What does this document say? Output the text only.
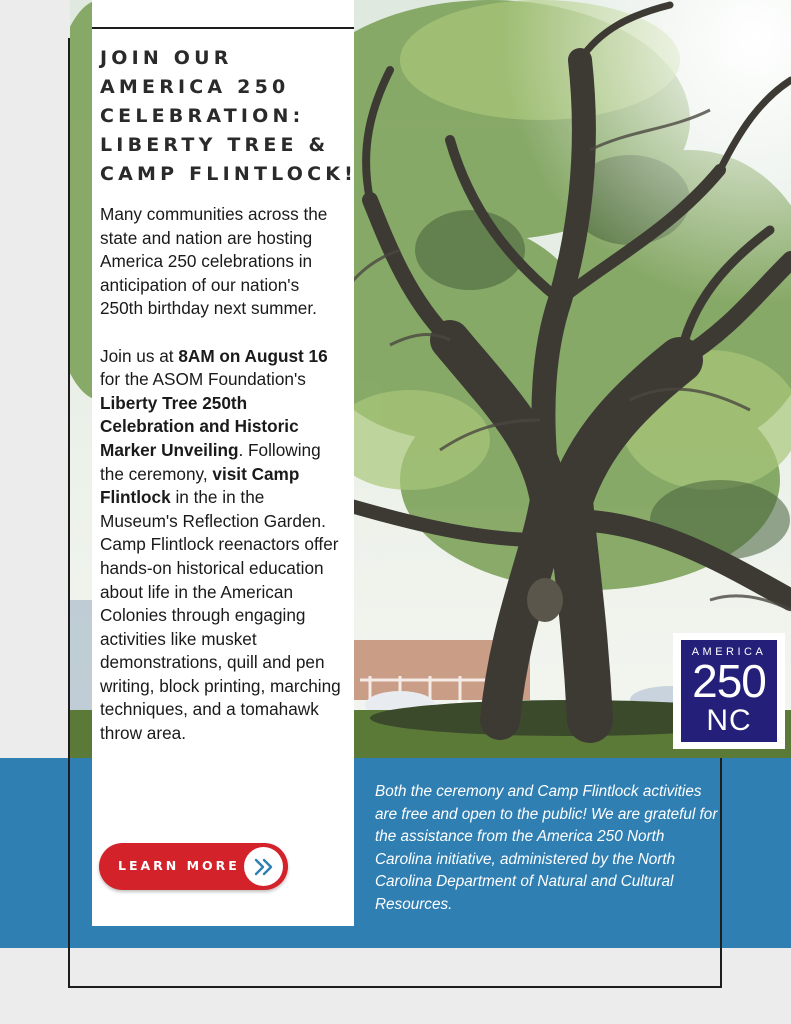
JOIN OUR
AMERICA 250
CELEBRATION:
LIBERTY TREE &
CAMP FLINTLOCK!

Many communities across the state and nation are hosting America 250 celebrations in anticipation of our nation's 250th birthday next summer.

Join us at 8AM on August 16 for the ASOM Foundation's Liberty Tree 250th Celebration and Historic Marker Unveiling. Following the ceremony, visit Camp Flintlock in the in the Museum's Reflection Garden. Camp Flintlock reenactors offer hands-on historical education about life in the American Colonies through engaging activities like musket demonstrations, quill and pen writing, block printing, marching techniques, and a tomahawk throw area.

LEARN MORE
Both the ceremony and Camp Flintlock activities are free and open to the public! We are grateful for the assistance from the America 250 North Carolina initiative, administered by the North Carolina Department of Natural and Cultural Resources.
AMERICA
250
NC
